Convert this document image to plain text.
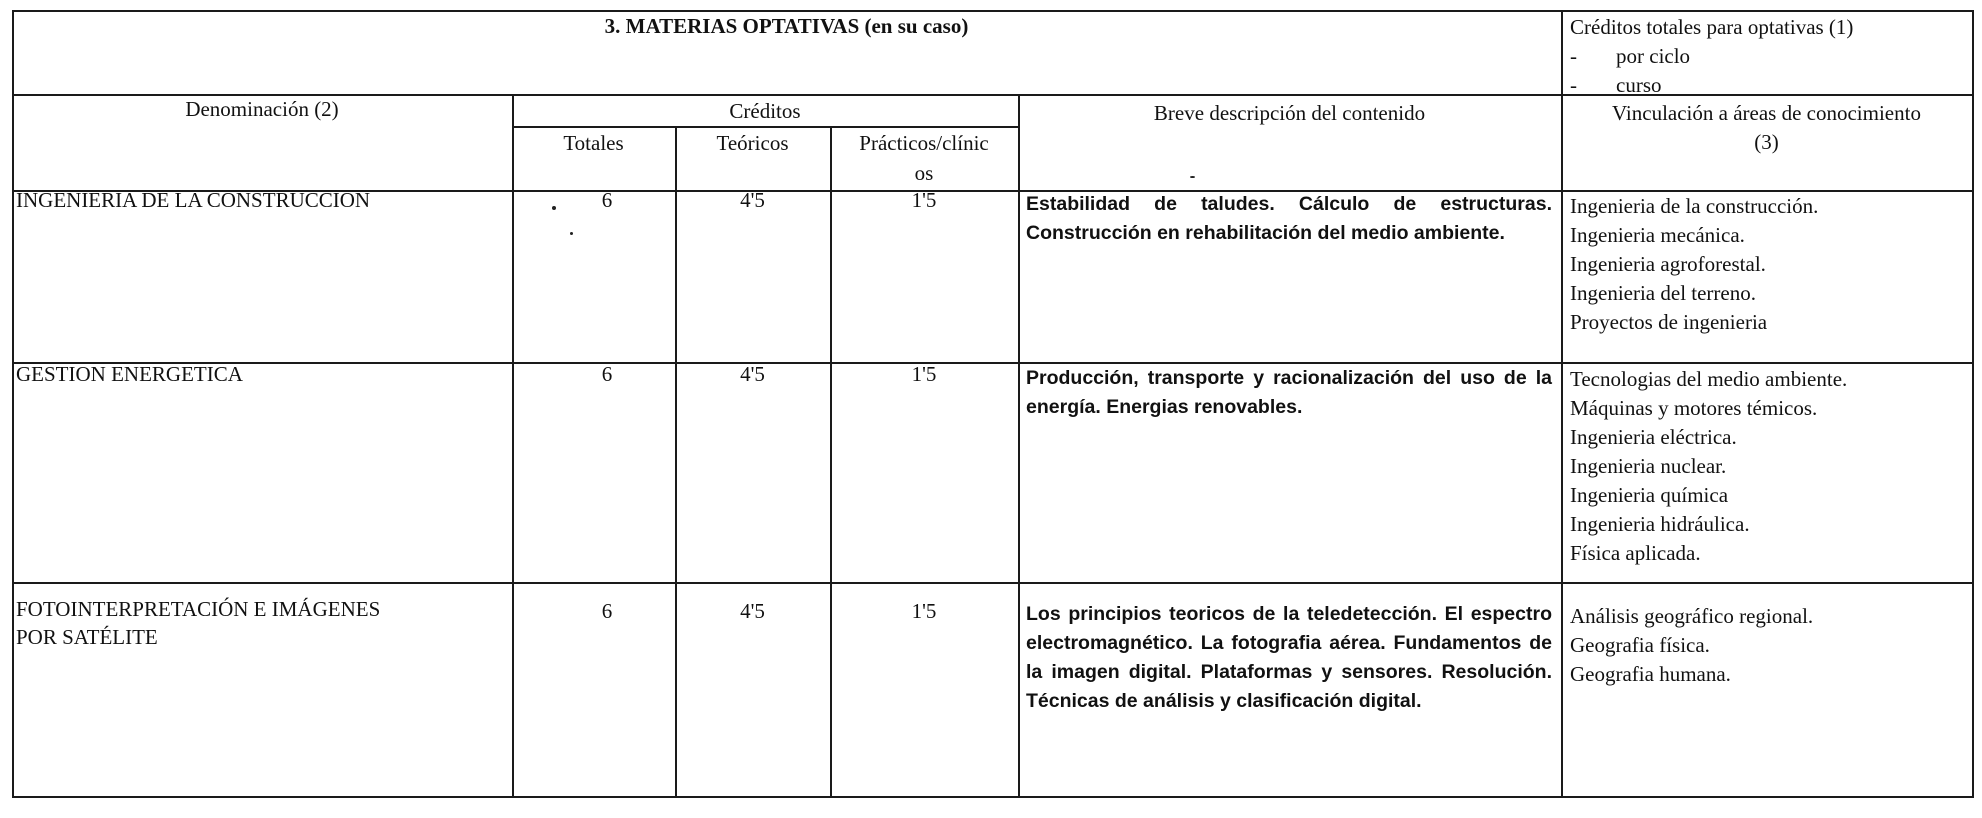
3. MATERIAS OPTATIVAS (en su caso)	Créditos totales para optativas (1)
- por ciclo
- curso
Denominación (2)	Créditos
Totales	Teóricos	Prácticos/clínic
os
Breve descripción del contenido	Vinculación a áreas de conocimiento
(3)
INGENIERIA DE LA CONSTRUCCION	6	4'5	1'5	Estabilidad de taludes. Cálculo de estructuras. Construcción en rehabilitación del medio ambiente.
Ingenieria de la construcción.
Ingenieria mecánica.
Ingenieria agroforestal.
Ingenieria del terreno.
Proyectos de ingenieria
GESTION ENERGETICA	6	4'5	1'5	Producción, transporte y racionalización del uso de la energía. Energias renovables.
Tecnologias del medio ambiente.
Máquinas y motores témicos.
Ingenieria eléctrica.
Ingenieria nuclear.
Ingenieria química
Ingenieria hidráulica.
Física aplicada.
FOTOINTERPRETACIÓN E IMÁGENES
POR SATÉLITE
6	4'5	1'5	Los principios teoricos de la teledetección. El espectro electromagnético. La fotografia aérea. Fundamentos de la imagen digital. Plataformas y sensores. Resolución. Técnicas de análisis y clasificación digital.
Análisis geográfico regional.
Geografia física.
Geografia humana.
